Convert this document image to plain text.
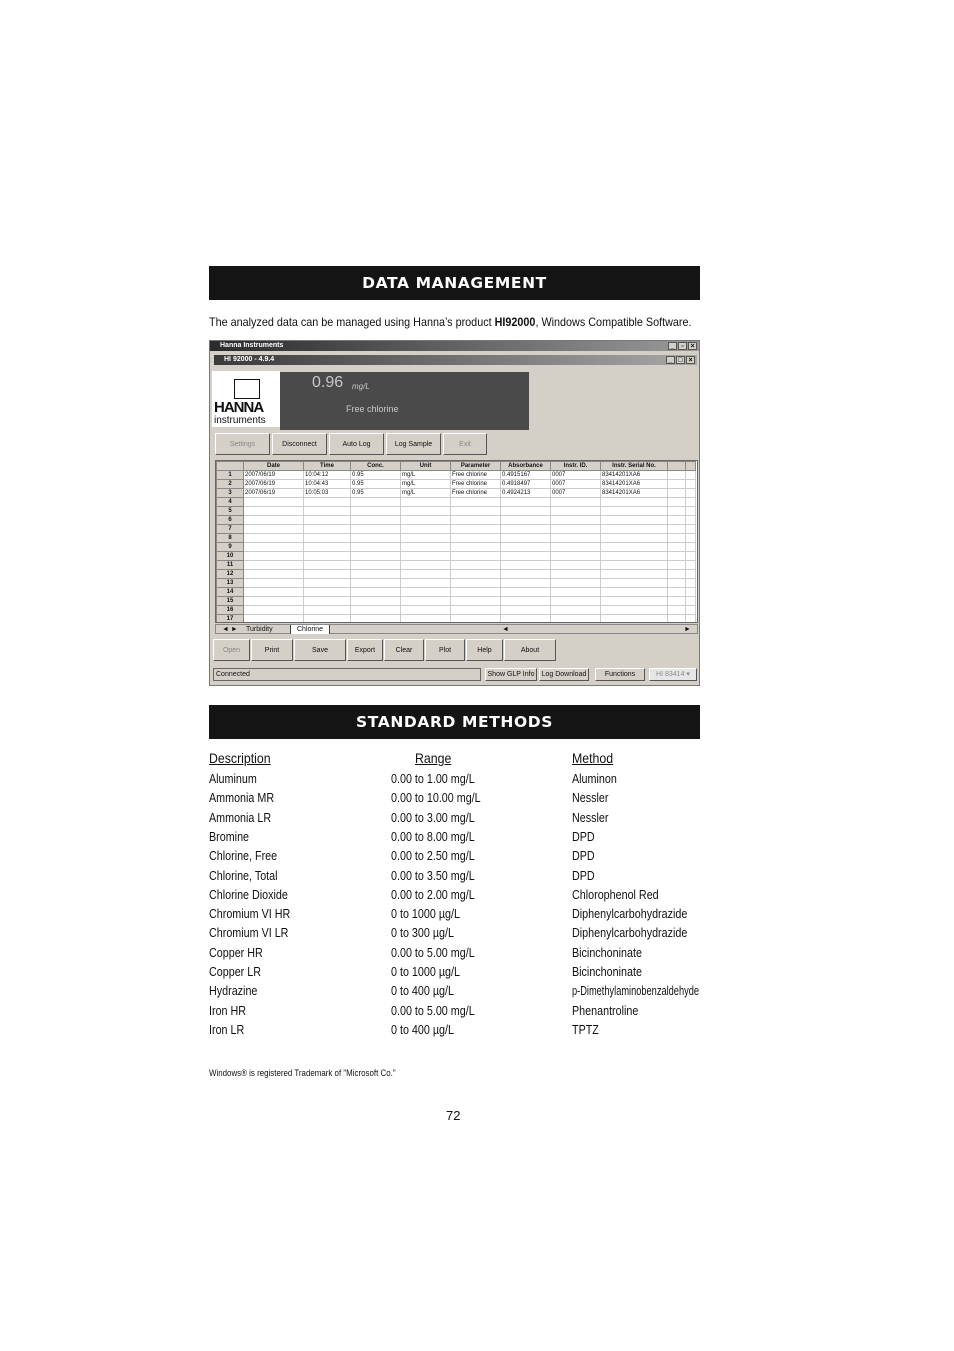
DATA MANAGEMENT
The analyzed data can be managed using Hanna’s product HI92000, Windows Compatible Software.
Hanna Instruments	_ ▫ ×
HI 92000 - 4.9.4	_ □ ×
HANNA
instruments
0.96 mg/L
Free chlorine
Settings	Disconnect	Auto Log	Log Sample	Exit
	Date	Time	Conc.	Unit	Parameter	Absorbance	Instr. ID.	Instr. Serial No.		
1	2007/06/19	10:04:12	0.95	mg/L	Free chlorine	0.4915167	0007	83414201XA6		
2	2007/06/19	10:04:43	0.95	mg/L	Free chlorine	0.4918497	0007	83414201XA6		
3	2007/06/19	10:05:03	0.95	mg/L	Free chlorine	0.4924213	0007	83414201XA6		
4										
5										
6										
7										
8										
9										
10										
11										
12										
13										
14										
15										
16										
17										
◄ ►	Turbidity	Chlorine	◄	►
Open	Print	Save	Export	Clear	Plot	Help	About
Connected	Show GLP Info	Log Download	Functions	HI 83414 ▾
STANDARD METHODS
Description	Range	Method
Aluminum	0.00 to 1.00 mg/L	Aluminon
Ammonia MR	0.00 to 10.00 mg/L	Nessler
Ammonia LR	0.00 to 3.00 mg/L	Nessler
Bromine	0.00 to 8.00 mg/L	DPD
Chlorine, Free	0.00 to 2.50 mg/L	DPD
Chlorine, Total	0.00 to 3.50 mg/L	DPD
Chlorine Dioxide	0.00 to 2.00 mg/L	Chlorophenol Red
Chromium VI HR	0 to 1000 µg/L	Diphenylcarbohydrazide
Chromium VI LR	0 to 300 µg/L	Diphenylcarbohydrazide
Copper HR	0.00 to 5.00 mg/L	Bicinchoninate
Copper LR	0 to 1000 µg/L	Bicinchoninate
Hydrazine	0 to 400 µg/L	p-Dimethylaminobenzaldehyde
Iron HR	0.00 to 5.00 mg/L	Phenantroline
Iron LR	0 to 400 µg/L	TPTZ
Windows® is registered Trademark of "Microsoft Co."
72
